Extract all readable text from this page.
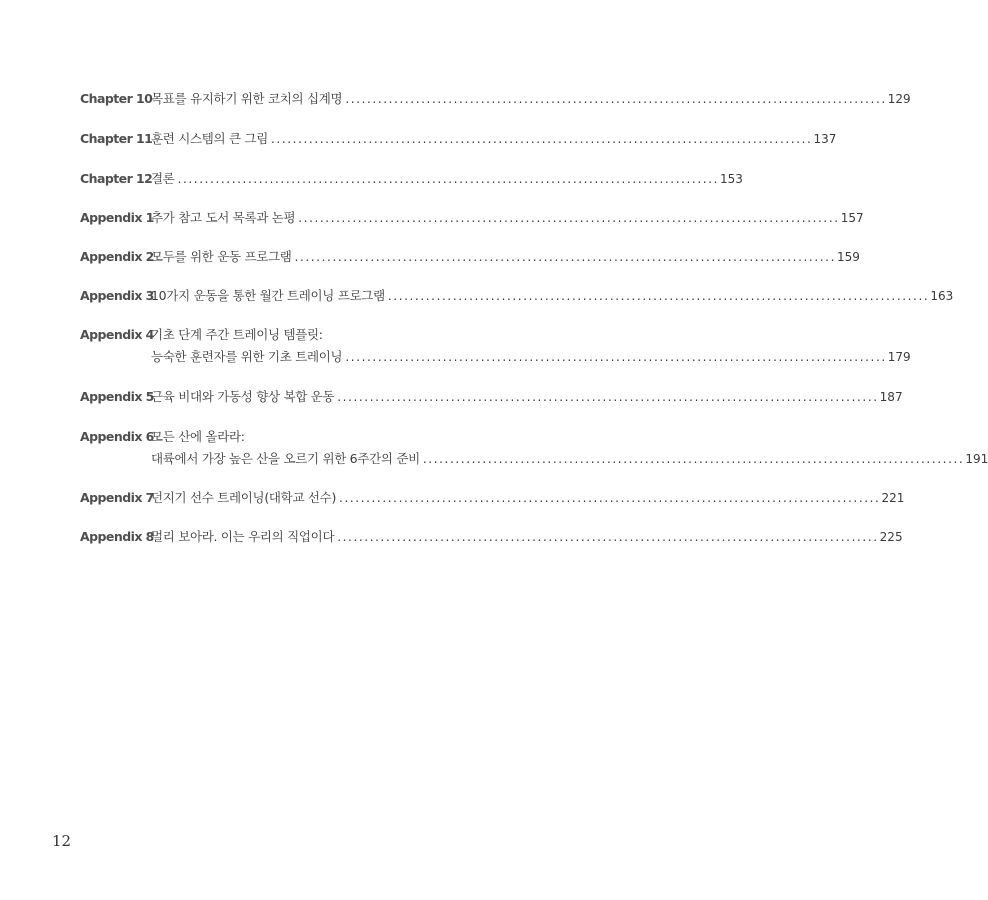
Chapter 10
목표를 유지하기 위한 코치의 십계명 .................................................................................................... 129
Chapter 11
훈련 시스템의 큰 그림 .................................................................................................... 137
Chapter 12
결론 .................................................................................................... 153
Appendix 1
추가 참고 도서 목록과 논평 .................................................................................................... 157
Appendix 2
모두를 위한 운동 프로그램 .................................................................................................... 159
Appendix 3
10가지 운동을 통한 월간 트레이닝 프로그램 .................................................................................................... 163
Appendix 4
기초 단계 주간 트레이닝 템플릿:
능숙한 훈련자를 위한 기초 트레이닝 .................................................................................................... 179
Appendix 5
근육 비대와 가동성 향상 복합 운동 .................................................................................................... 187
Appendix 6
모든 산에 올라라:
대륙에서 가장 높은 산을 오르기 위한 6주간의 준비 .................................................................................................... 191
Appendix 7
던지기 선수 트레이닝(대학교 선수) .................................................................................................... 221
Appendix 8
멀리 보아라. 이는 우리의 직업이다 .................................................................................................... 225
12
